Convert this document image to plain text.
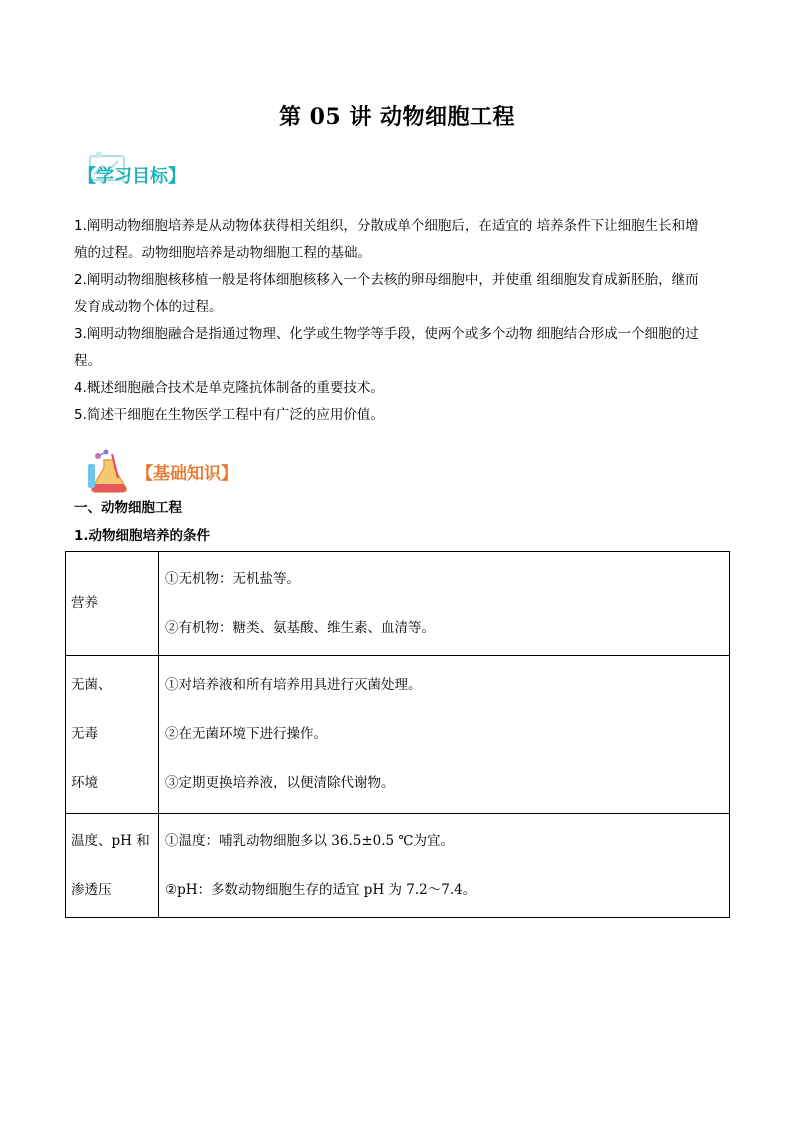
第 05 讲 动物细胞工程
【学习目标】

1.阐明动物细胞培养是从动物体获得相关组织，分散成单个细胞后，在适宜的 培养条件下让细胞生长和增
殖的过程。动物细胞培养是动物细胞工程的基础。

2.阐明动物细胞核移植一般是将体细胞核移入一个去核的卵母细胞中，并使重 组细胞发育成新胚胎，继而
发育成动物个体的过程。

3.阐明动物细胞融合是指通过物理、化学或生物学等手段，使两个或多个动物 细胞结合形成一个细胞的过
程。

4.概述细胞融合技术是单克隆抗体制备的重要技术。

5.简述干细胞在生物医学工程中有广泛的应用价值。

【基础知识】
一、动物细胞工程
1.动物细胞培养的条件
营养	①无机物：无机盐等。
②有机物：糖类、氨基酸、维生素、血清等。

无菌、
无毒
环境	①对培养液和所有培养用具进行灭菌处理。
②在无菌环境下进行操作。
③定期更换培养液，以便清除代谢物。

温度、pH 和
渗透压	①温度：哺乳动物细胞多以 36.5±0.5 ℃为宜。
②pH：多数动物细胞生存的适宜 pH 为 7.2～7.4。
